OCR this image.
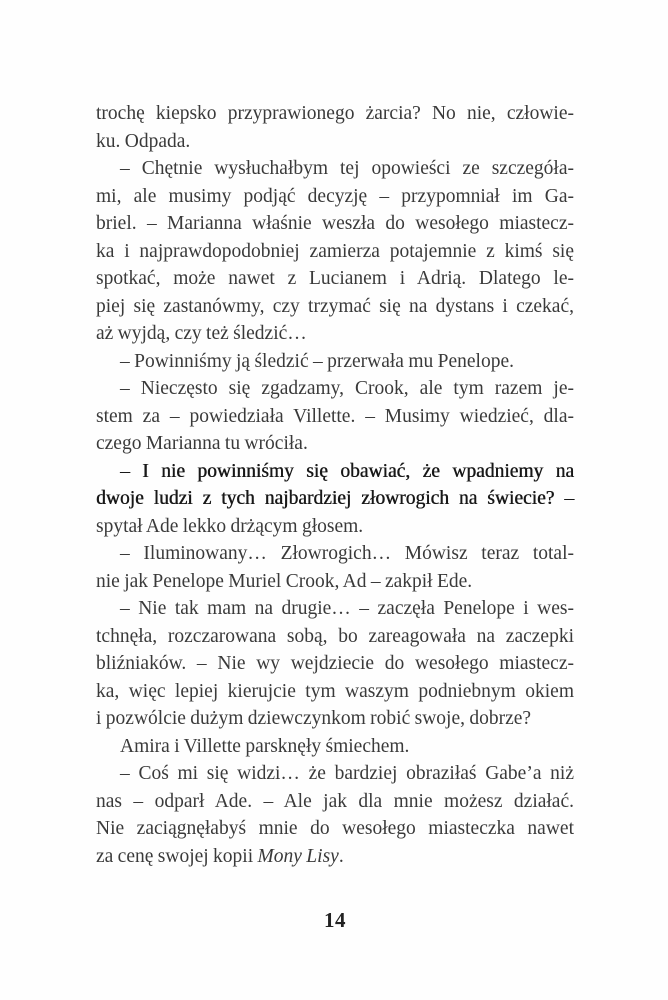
trochę kiepsko przyprawionego żarcia? No nie, człowie-
ku. Odpada.
– Chętnie wysłuchałbym tej opowieści ze szczegóła-
mi, ale musimy podjąć decyzję – przypomniał im Ga-
briel. – Marianna właśnie weszła do wesołego miastecz-
ka i najprawdopodobniej zamierza potajemnie z kimś się
spotkać, może nawet z Lucianem i Adrią. Dlatego le-
piej się zastanówmy, czy trzymać się na dystans i czekać,
aż wyjdą, czy też śledzić…
– Powinniśmy ją śledzić – przerwała mu Penelope.
– Nieczęsto się zgadzamy, Crook, ale tym razem je-
stem za – powiedziała Villette. – Musimy wiedzieć, dla-
czego Marianna tu wróciła.
– I nie powinniśmy się obawiać, że wpadniemy na
dwoje ludzi z tych najbardziej złowrogich na świecie? –
spytał Ade lekko drżącym głosem.
– Iluminowany… Złowrogich… Mówisz teraz total-
nie jak Penelope Muriel Crook, Ad – zakpił Ede.
– Nie tak mam na drugie… – zaczęła Penelope i wes-
tchnęła, rozczarowana sobą, bo zareagowała na zaczepki
bliźniaków. – Nie wy wejdziecie do wesołego miastecz-
ka, więc lepiej kierujcie tym waszym podniebnym okiem
i pozwólcie dużym dziewczynkom robić swoje, dobrze?
Amira i Villette parsknęły śmiechem.
– Coś mi się widzi… że bardziej obraziłaś Gabe’a niż
nas – odparł Ade. – Ale jak dla mnie możesz działać.
Nie zaciągnęłabyś mnie do wesołego miasteczka nawet
za cenę swojej kopii Mony Lisy.
14
